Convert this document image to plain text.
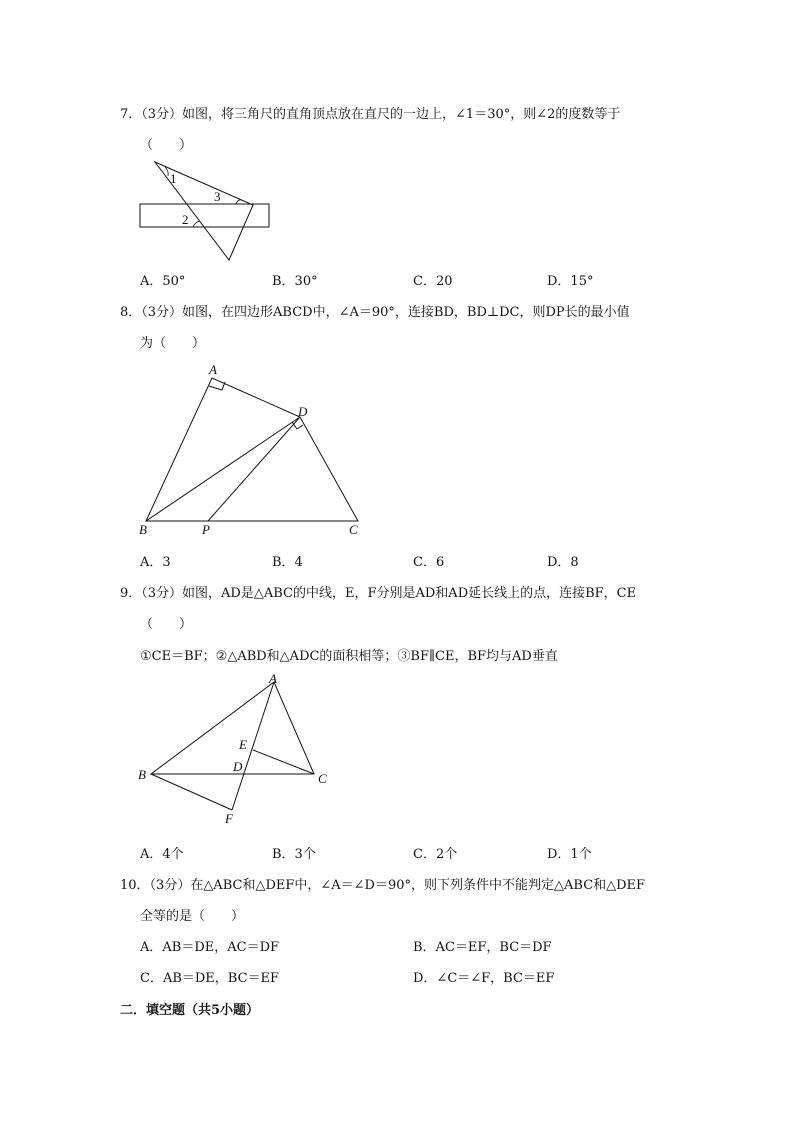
7．（3分）如图，将三角尺的直角顶点放在直尺的一边上，∠1＝30°，则∠2的度数等于
（　　）
1
3
2
A．50°	B．30°	C．20	D．15°
8．（3分）如图，在四边形ABCD中，∠A＝90°，连接BD，BD⊥DC，则DP长的最小值
为（　　）
A
D
B	P	C
A．3	B．4	C．6	D．8
9．（3分）如图，AD是△ABC的中线，E，F分别是AD和AD延长线上的点，连接BF，CE
（　　）
①CE＝BF；②△ABD和△ADC的面积相等；③BF∥CE，BF均与AD垂直
A
E
D
B	C
F
A．4个	B．3个	C．2个	D．1个
10．（3分）在△ABC和△DEF中，∠A＝∠D＝90°，则下列条件中不能判定△ABC和△DEF
全等的是（　　）
A．AB＝DE，AC＝DF	B．AC＝EF，BC＝DF
C．AB＝DE，BC＝EF	D．∠C＝∠F，BC＝EF
二．填空题（共5小题）
